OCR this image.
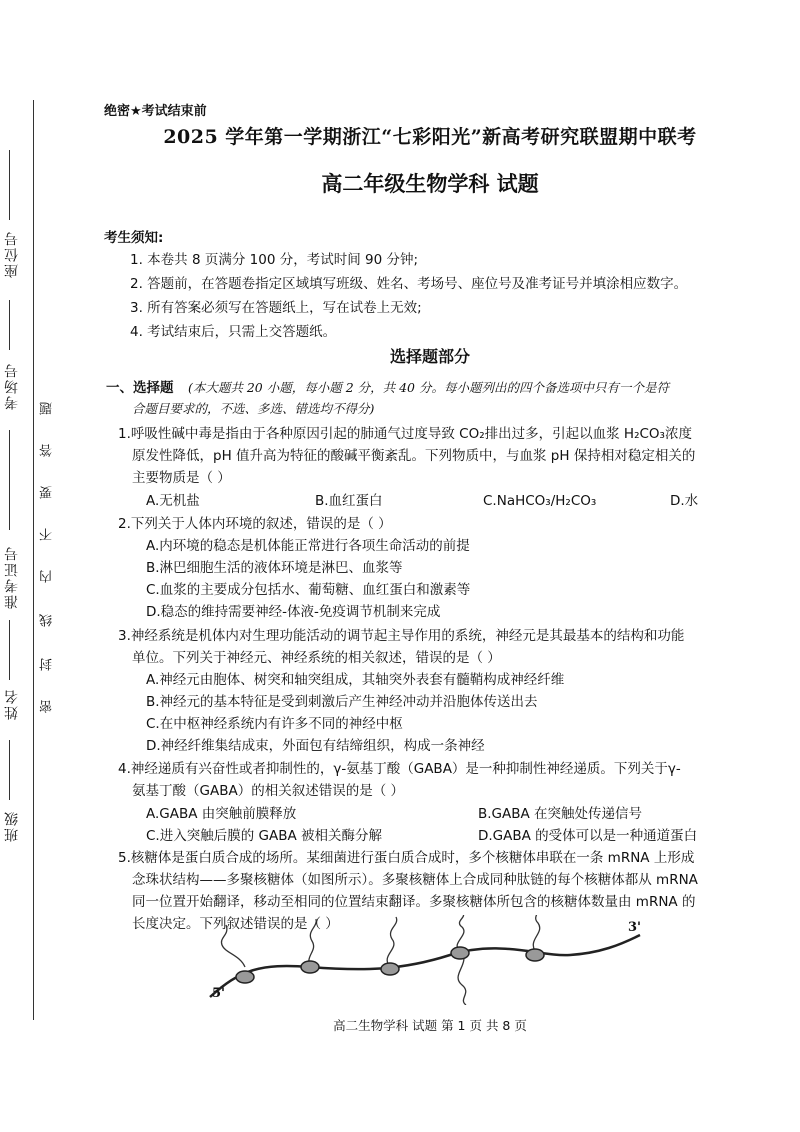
座位号
考场号
准考证号
姓名
班级
密
封
线
内
不
要
答
题
绝密★考试结束前
2025 学年第一学期浙江“七彩阳光”新高考研究联盟期中联考
高二年级生物学科 试题
考生须知:
1. 本卷共 8 页满分 100 分，考试时间 90 分钟;
2. 答题前，在答题卷指定区域填写班级、姓名、考场号、座位号及准考证号并填涂相应数字。
3. 所有答案必须写在答题纸上，写在试卷上无效;
4. 考试结束后，只需上交答题纸。
选择题部分
一、选择题 (本大题共 20 小题，每小题 2 分，共 40 分。每小题列出的四个备选项中只有一个是符
合题目要求的，不选、多选、错选均不得分)
1.呼吸性碱中毒是指由于各种原因引起的肺通气过度导致 CO₂排出过多，引起以血浆 H₂CO₃浓度
原发性降低，pH 值升高为特征的酸碱平衡紊乱。下列物质中，与血浆 pH 保持相对稳定相关的
主要物质是（ ）
A.无机盐	B.血红蛋白	C.NaHCO₃/H₂CO₃	D.水
2.下列关于人体内环境的叙述，错误的是（ ）
A.内环境的稳态是机体能正常进行各项生命活动的前提
B.淋巴细胞生活的液体环境是淋巴、血浆等
C.血浆的主要成分包括水、葡萄糖、血红蛋白和激素等
D.稳态的维持需要神经-体液-免疫调节机制来完成
3.神经系统是机体内对生理功能活动的调节起主导作用的系统，神经元是其最基本的结构和功能
单位。下列关于神经元、神经系统的相关叙述，错误的是（ ）
A.神经元由胞体、树突和轴突组成，其轴突外表套有髓鞘构成神经纤维
B.神经元的基本特征是受到刺激后产生神经冲动并沿胞体传送出去
C.在中枢神经系统内有许多不同的神经中枢
D.神经纤维集结成束，外面包有结缔组织，构成一条神经
4.神经递质有兴奋性或者抑制性的，γ-氨基丁酸（GABA）是一种抑制性神经递质。下列关于γ-
氨基丁酸（GABA）的相关叙述错误的是（ ）
A.GABA 由突触前膜释放	B.GABA 在突触处传递信号
C.进入突触后膜的 GABA 被相关酶分解	D.GABA 的受体可以是一种通道蛋白
5.核糖体是蛋白质合成的场所。某细菌进行蛋白质合成时，多个核糖体串联在一条 mRNA 上形成
念珠状结构——多聚核糖体（如图所示）。多聚核糖体上合成同种肽链的每个核糖体都从 mRNA
同一位置开始翻译，移动至相同的位置结束翻译。多聚核糖体所包含的核糖体数量由 mRNA 的
长度决定。下列叙述错误的是（ ）
5'
3'
高二生物学科 试题 第 1 页 共 8 页
